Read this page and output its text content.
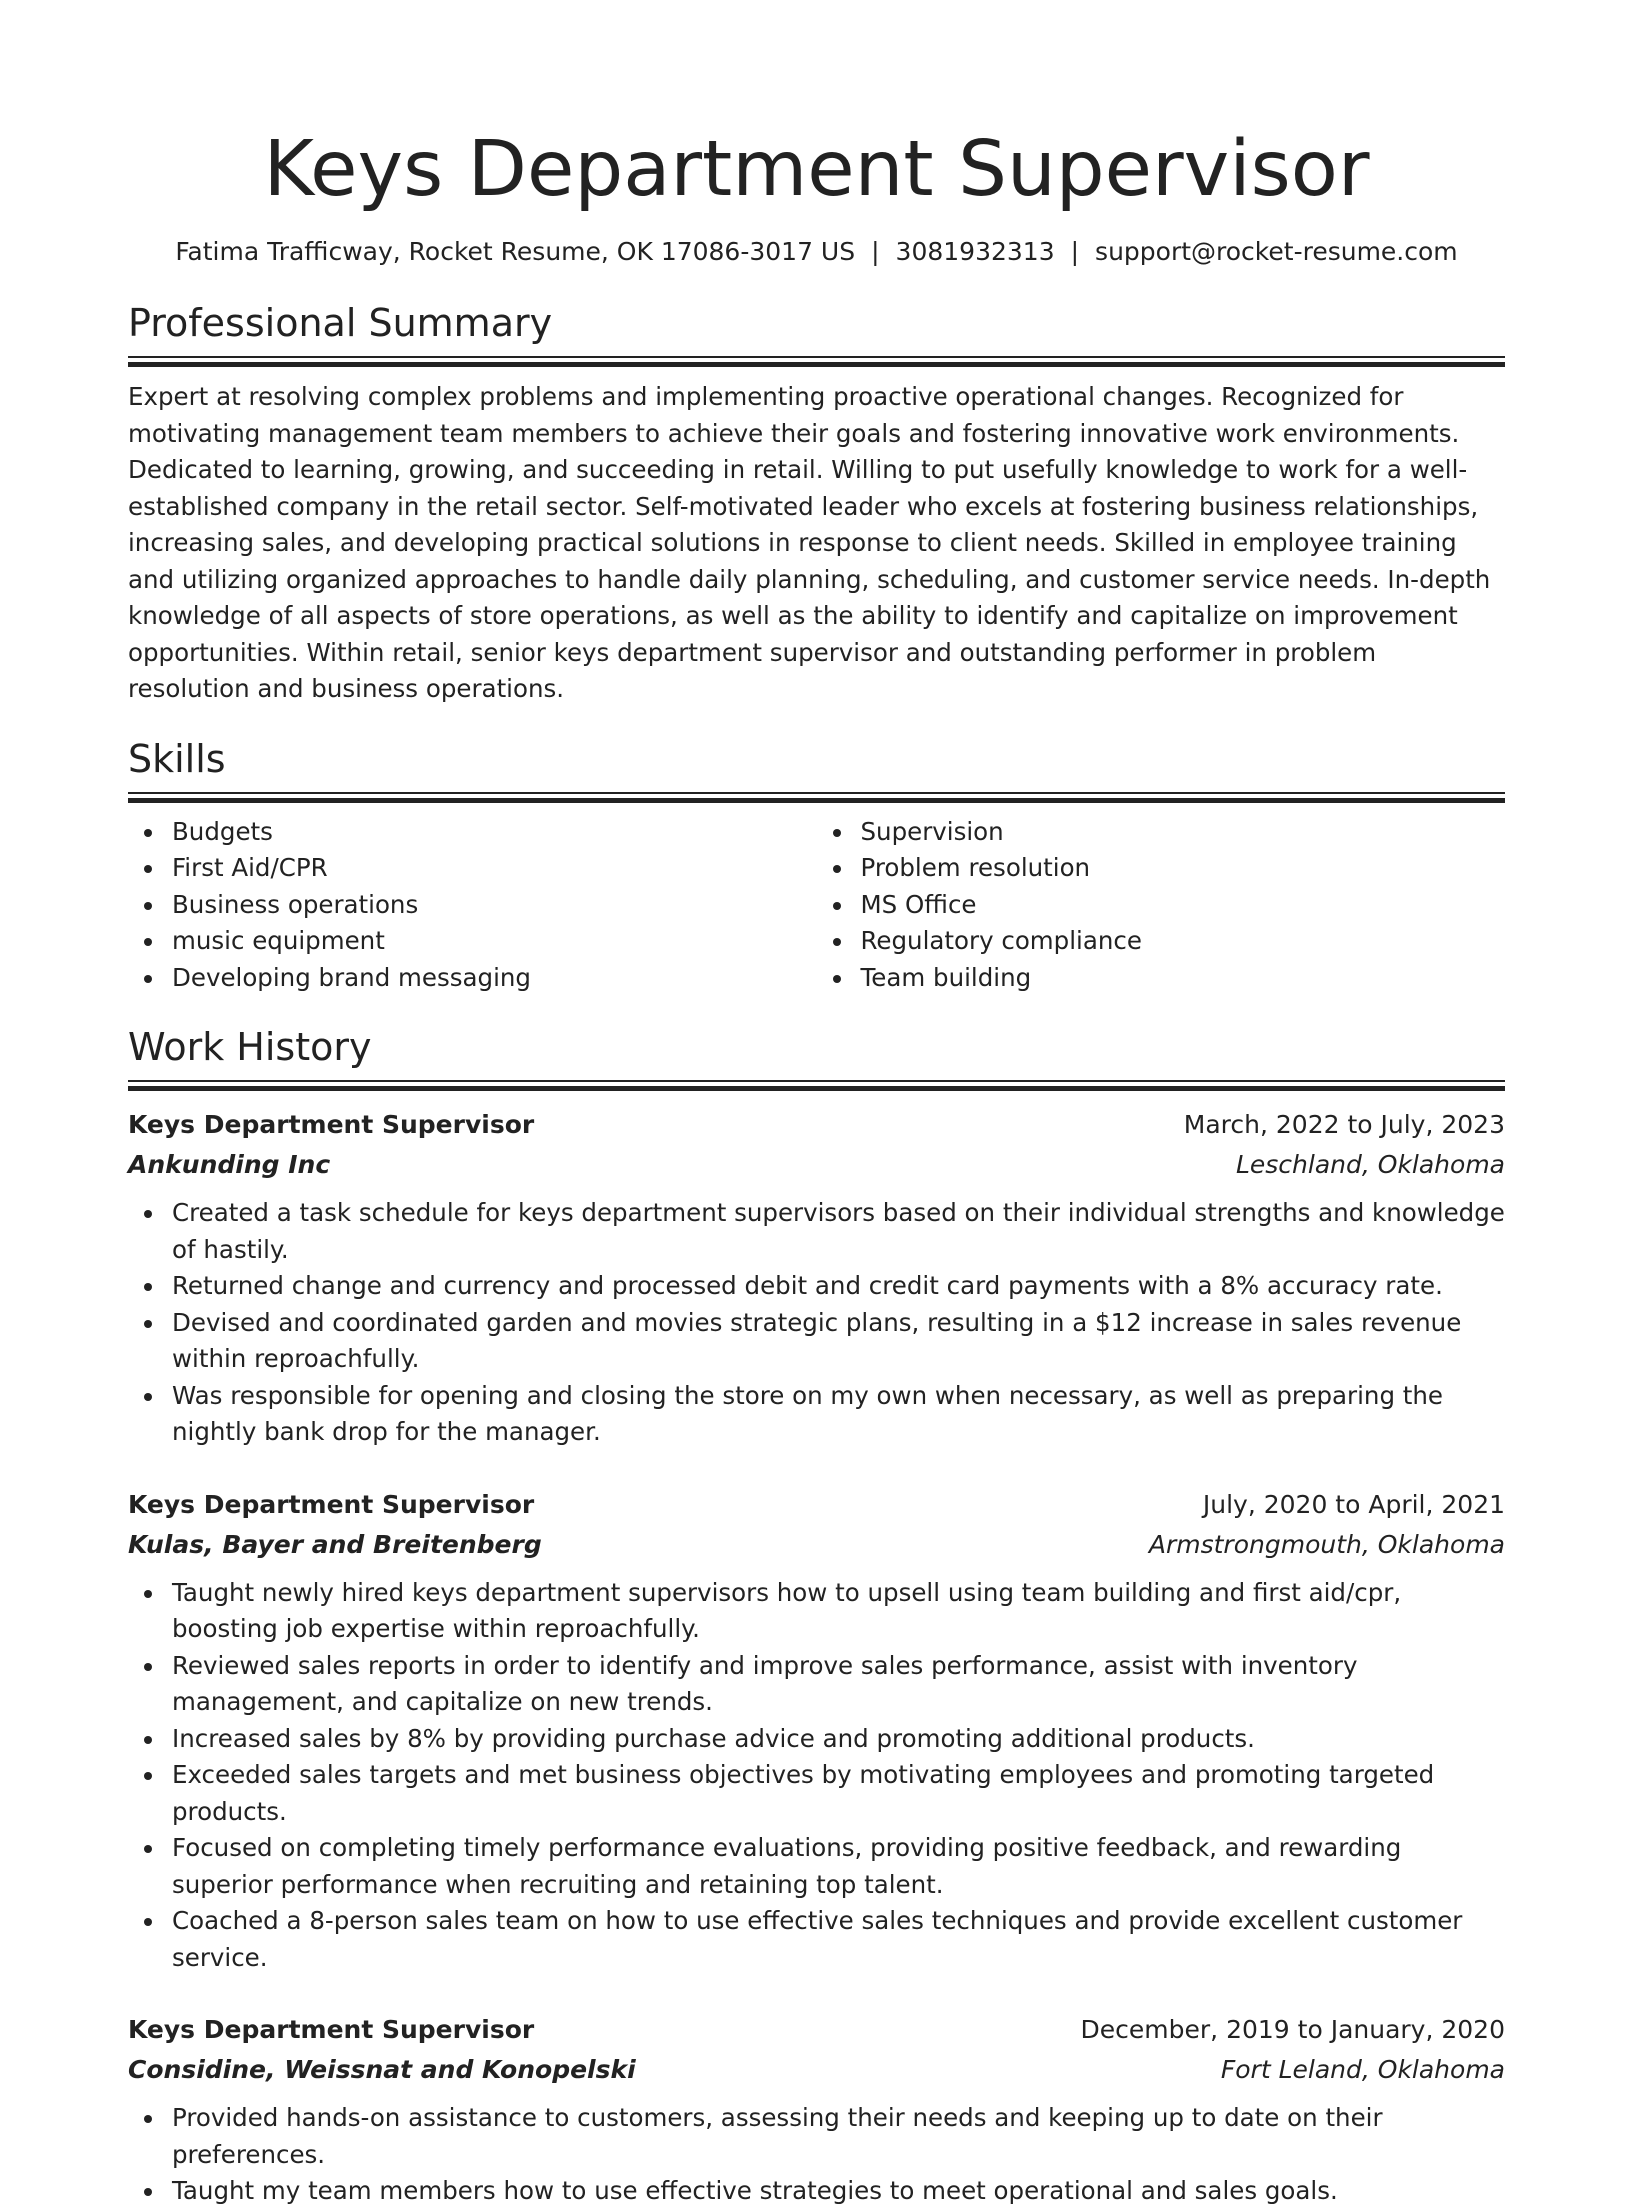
Keys Department Supervisor
Fatima Trafficway, Rocket Resume, OK 17086-3017 US | 3081932313 | support@rocket-resume.com
Professional Summary

Expert at resolving complex problems and implementing proactive operational changes. Recognized for motivating management team members to achieve their goals and fostering innovative work environments. Dedicated to learning, growing, and succeeding in retail. Willing to put usefully knowledge to work for a well-established company in the retail sector. Self-motivated leader who excels at fostering business relationships, increasing sales, and developing practical solutions in response to client needs. Skilled in employee training and utilizing organized approaches to handle daily planning, scheduling, and customer service needs. In-depth knowledge of all aspects of store operations, as well as the ability to identify and capitalize on improvement opportunities. Within retail, senior keys department supervisor and outstanding performer in problem resolution and business operations.

Skills
Budgets
First Aid/CPR
Business operations
music equipment
Developing brand messaging
Supervision
Problem resolution
MS Office
Regulatory compliance
Team building
Work History
Keys Department Supervisor	March, 2022 to July, 2023
Ankunding Inc	Leschland, Oklahoma
Created a task schedule for keys department supervisors based on their individual strengths and knowledge of hastily.
Returned change and currency and processed debit and credit card payments with a 8% accuracy rate.
Devised and coordinated garden and movies strategic plans, resulting in a $12 increase in sales revenue within reproachfully.
Was responsible for opening and closing the store on my own when necessary, as well as preparing the nightly bank drop for the manager.
Keys Department Supervisor	July, 2020 to April, 2021
Kulas, Bayer and Breitenberg	Armstrongmouth, Oklahoma
Taught newly hired keys department supervisors how to upsell using team building and first aid/cpr, boosting job expertise within reproachfully.
Reviewed sales reports in order to identify and improve sales performance, assist with inventory management, and capitalize on new trends.
Increased sales by 8% by providing purchase advice and promoting additional products.
Exceeded sales targets and met business objectives by motivating employees and promoting targeted products.
Focused on completing timely performance evaluations, providing positive feedback, and rewarding superior performance when recruiting and retaining top talent.
Coached a 8-person sales team on how to use effective sales techniques and provide excellent customer service.
Keys Department Supervisor	December, 2019 to January, 2020
Considine, Weissnat and Konopelski	Fort Leland, Oklahoma
Provided hands-on assistance to customers, assessing their needs and keeping up to date on their preferences.
Taught my team members how to use effective strategies to meet operational and sales goals.
